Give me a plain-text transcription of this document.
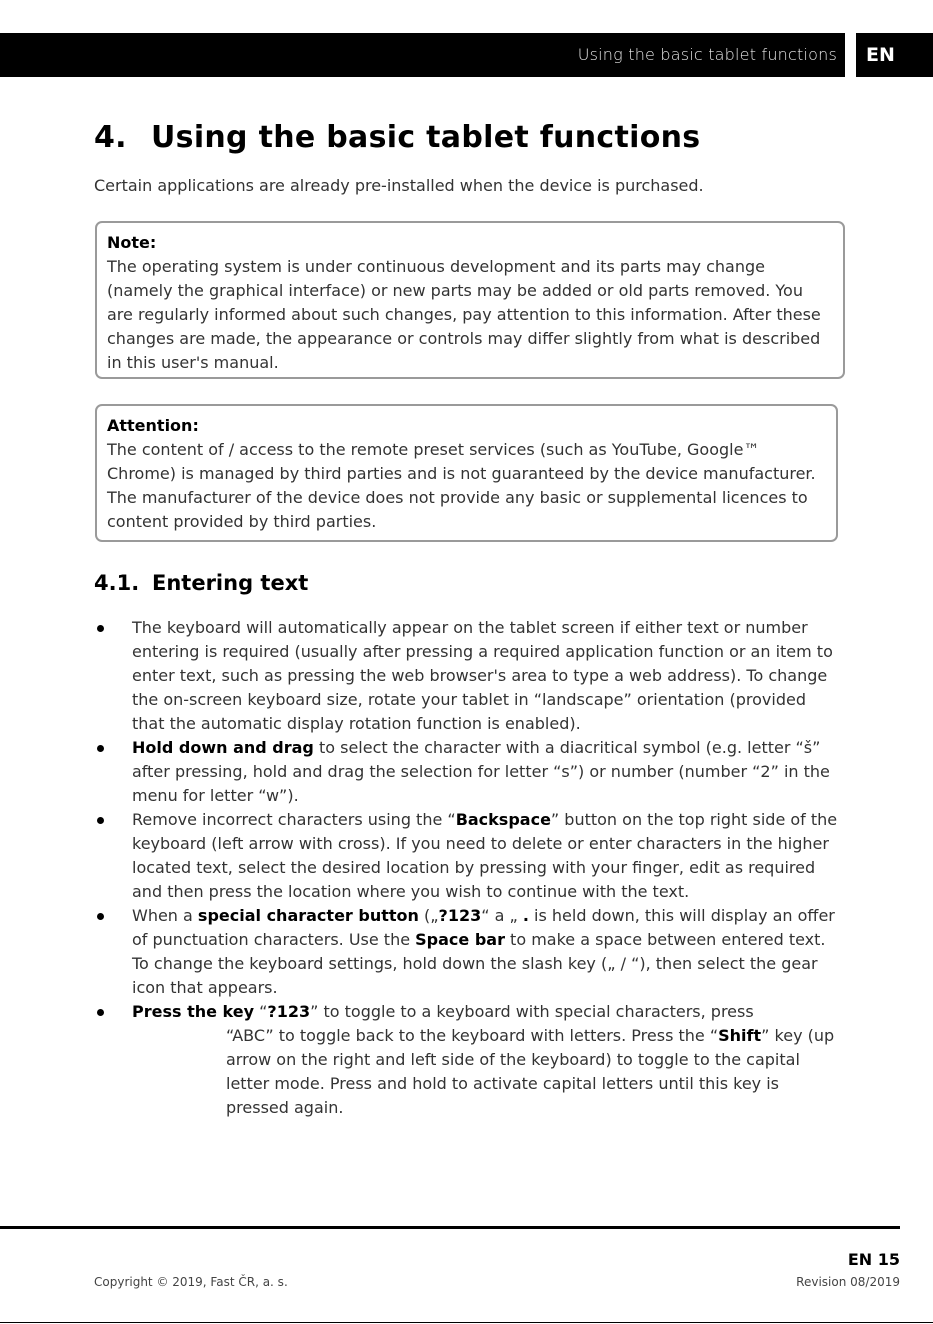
Using the basic tablet functions EN
4. Using the basic tablet functions

Certain applications are already pre-installed when the device is purchased.

Note:

The operating system is under continuous development and its parts may change (namely the graphical interface) or new parts may be added or old parts removed. You are regularly informed about such changes, pay attention to this information. After these changes are made, the appearance or controls may differ slightly from what is described in this user's manual.

Attention:

The content of / access to the remote preset services (such as YouTube, Google™ Chrome) is managed by third parties and is not guaranteed by the device manufacturer. The manufacturer of the device does not provide any basic or supplemental licences to content provided by third parties.

4.1. Entering text
The keyboard will automatically appear on the tablet screen if either text or number entering is required (usually after pressing a required application function or an item to enter text, such as pressing the web browser's area to type a web address). To change the on-screen keyboard size, rotate your tablet in “landscape” orientation (provided that the automatic display rotation function is enabled).
Hold down and drag to select the character with a diacritical symbol (e.g. letter “š” after pressing, hold and drag the selection for letter “s”) or number (number “2” in the menu for letter “w”).
Remove incorrect characters using the “Backspace” button on the top right side of the keyboard (left arrow with cross). If you need to delete or enter characters in the higher located text, select the desired location by pressing with your finger, edit as required and then press the location where you wish to continue with the text.
When a special character button („?123“ a „ . is held down, this will display an offer of punctuation characters. Use the Space bar to make a space between entered text. To change the keyboard settings, hold down the slash key („ / “), then select the gear icon that appears.
Press the key “?123” to toggle to a keyboard with special characters, press
“ABC” to toggle back to the keyboard with letters. Press the “Shift” key (up arrow on the right and left side of the keyboard) to toggle to the capital letter mode. Press and hold to activate capital letters until this key is pressed again.
EN 15
Copyright © 2019, Fast ČR, a. s.	Revision 08/2019
